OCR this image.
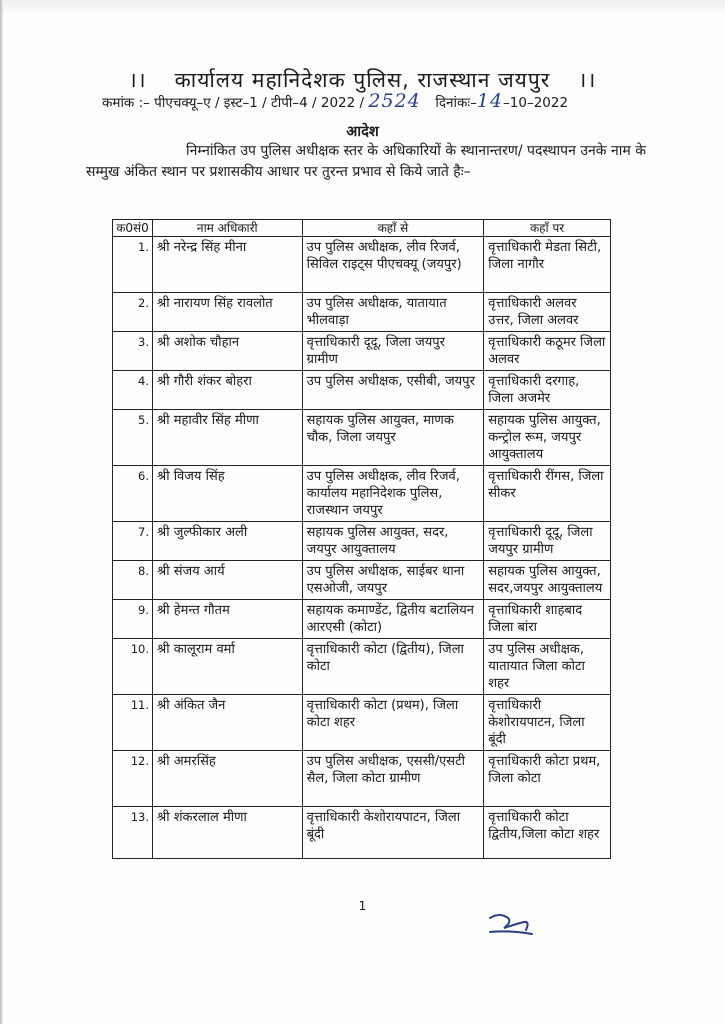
।। कार्यालय महानिदेशक पुलिस, राजस्थान जयपुर ।।
कमांक :– पीएचक्यू–ए / इस्ट–1 / टीपी–4 / 2022 / 2524 दिनांकः–14–10–2022
आदेश
निम्नांकित उप पुलिस अधीक्षक स्तर के अधिकारियों के स्थानान्तरण/ पदस्थापन उनके नाम के सम्मुख अंकित स्थान पर प्रशासकीय आधार पर तुरन्त प्रभाव से किये जाते हैः–
क0सं0	नाम अधिकारी	कहाँ से	कहाँ पर
1.	श्री नरेन्द्र सिंह मीना	उप पुलिस अधीक्षक, लीव रिजर्व, सिविल राइट्स पीएचक्यू (जयपुर)	वृत्ताधिकारी मेडता सिटी, जिला नागौर
2.	श्री नारायण सिंह रावलोत	उप पुलिस अधीक्षक, यातायात भीलवाड़ा	वृत्ताधिकारी अलवर उत्तर, जिला अलवर
3.	श्री अशोक चौहान	वृत्ताधिकारी दूदू, जिला जयपुर ग्रामीण	वृत्ताधिकारी कठूमर जिला अलवर
4.	श्री गौरी शंकर बोहरा	उप पुलिस अधीक्षक, एसीबी, जयपुर	वृत्ताधिकारी दरगाह, जिला अजमेर
5.	श्री महावीर सिंह मीणा	सहायक पुलिस आयुक्त, माणक चौक, जिला जयपुर	सहायक पुलिस आयुक्त, कन्ट्रोल रूम, जयपुर आयुक्तालय
6.	श्री विजय सिंह	उप पुलिस अधीक्षक, लीव रिजर्व, कार्यालय महानिदेशक पुलिस, राजस्थान जयपुर	वृत्ताधिकारी रींगस, जिला सीकर
7.	श्री जुल्फीकार अली	सहायक पुलिस आयुक्त, सदर, जयपुर आयुक्तालय	वृत्ताधिकारी दूदू, जिला जयपुर ग्रामीण
8.	श्री संजय आर्य	उप पुलिस अधीक्षक, साईबर थाना एसओजी, जयपुर	सहायक पुलिस आयुक्त, सदर,जयपुर आयुक्तालय
9.	श्री हेमन्त गौतम	सहायक कमाण्डेंट, द्वितीय बटालियन आरएसी (कोटा)	वृत्ताधिकारी शाहबाद जिला बांरा
10.	श्री कालूराम वर्मा	वृत्ताधिकारी कोटा (द्वितीय), जिला कोटा	उप पुलिस अधीक्षक, यातायात जिला कोटा शहर
11.	श्री अंकित जैन	वृत्ताधिकारी कोटा (प्रथम), जिला कोटा शहर	वृत्ताधिकारी केशोरायपाटन, जिला बूंदी
12.	श्री अमरसिंह	उप पुलिस अधीक्षक, एससी/एसटी सैल, जिला कोटा ग्रामीण	वृत्ताधिकारी कोटा प्रथम, जिला कोटा
13.	श्री शंकरलाल मीणा	वृत्ताधिकारी केशोरायपाटन, जिला बूंदी	वृत्ताधिकारी कोटा द्वितीय,जिला कोटा शहर
1
